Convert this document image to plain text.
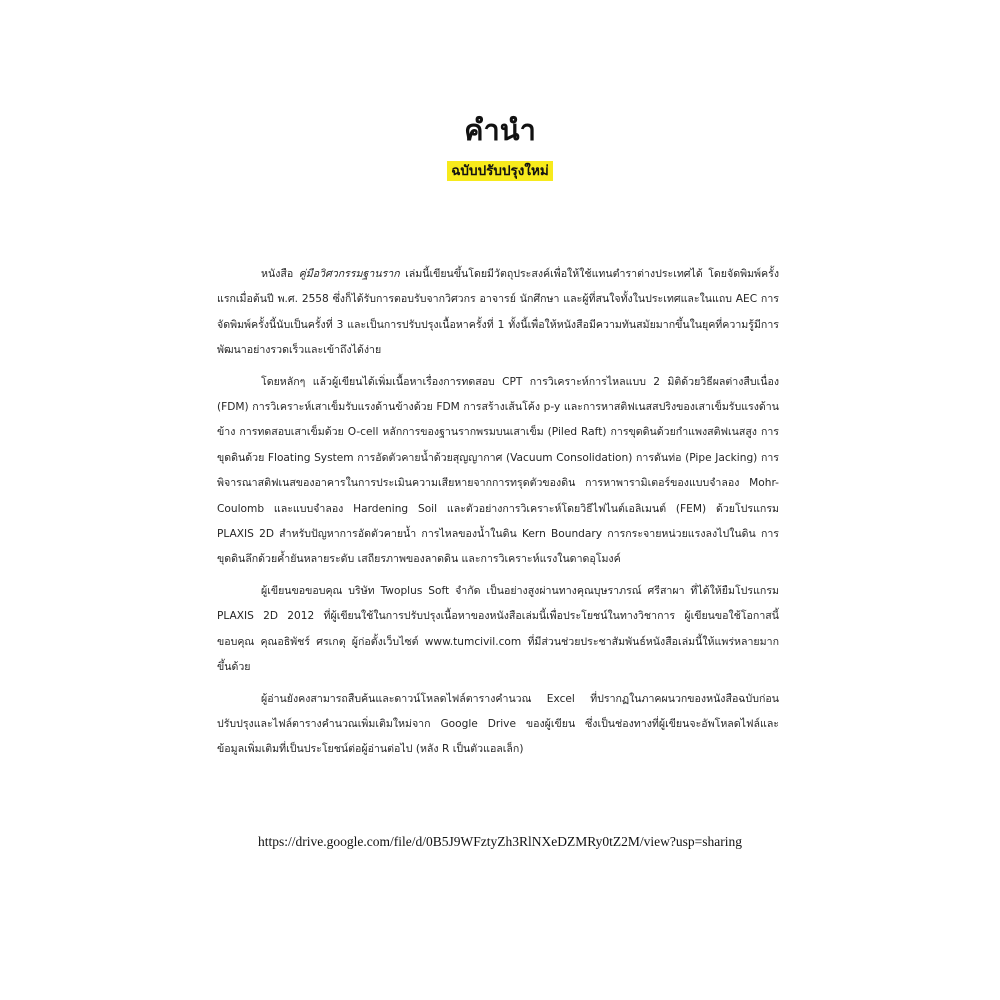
คำนำ
ฉบับปรับปรุงใหม่

หนังสือ คู่มือวิศวกรรมฐานราก เล่มนี้เขียนขึ้นโดยมีวัตถุประสงค์เพื่อให้ใช้แทนตำราต่างประเทศได้ โดยจัดพิมพ์ครั้งแรกเมื่อต้นปี พ.ศ. 2558 ซึ่งก็ได้รับการตอบรับจากวิศวกร อาจารย์ นักศึกษา และผู้ที่สนใจทั้งในประเทศและในแถบ AEC การจัดพิมพ์ครั้งนี้นับเป็นครั้งที่ 3 และเป็นการปรับปรุงเนื้อหาครั้งที่ 1 ทั้งนี้เพื่อให้หนังสือมีความทันสมัยมากขึ้นในยุคที่ความรู้มีการพัฒนาอย่างรวดเร็วและเข้าถึงได้ง่าย

โดยหลักๆ แล้วผู้เขียนได้เพิ่มเนื้อหาเรื่องการทดสอบ CPT การวิเคราะห์การไหลแบบ 2 มิติด้วยวิธีผลต่างสืบเนื่อง (FDM) การวิเคราะห์เสาเข็มรับแรงด้านข้างด้วย FDM การสร้างเส้นโค้ง p-y และการหาสติฟเนสสปริงของเสาเข็มรับแรงด้านข้าง การทดสอบเสาเข็มด้วย O-cell หลักการของฐานรากพรมบนเสาเข็ม (Piled Raft) การขุดดินด้วยกำแพงสติฟเนสสูง การขุดดินด้วย Floating System การอัดตัวคายน้ำด้วยสุญญากาศ (Vacuum Consolidation) การดันท่อ (Pipe Jacking) การพิจารณาสติฟเนสของอาคารในการประเมินความเสียหายจากการทรุดตัวของดิน การหาพารามิเตอร์ของแบบจำลอง Mohr-Coulomb และแบบจำลอง Hardening Soil และตัวอย่างการวิเคราะห์โดยวิธีไฟไนต์เอลิเมนต์ (FEM) ด้วยโปรแกรม PLAXIS 2D สำหรับปัญหาการอัดตัวคายน้ำ การไหลของน้ำในดิน Kern Boundary การกระจายหน่วยแรงลงไปในดิน การขุดดินลึกด้วยค้ำยันหลายระดับ เสถียรภาพของลาดดิน และการวิเคราะห์แรงในดาดอุโมงค์

ผู้เขียนขอขอบคุณ บริษัท Twoplus Soft จำกัด เป็นอย่างสูงผ่านทางคุณบุษราภรณ์ ศรีสาผา ที่ได้ให้ยืมโปรแกรม PLAXIS 2D 2012 ที่ผู้เขียนใช้ในการปรับปรุงเนื้อหาของหนังสือเล่มนี้เพื่อประโยชน์ในทางวิชาการ ผู้เขียนขอใช้โอกาสนี้ขอบคุณ คุณอธิพัชร์ ศรเกตุ ผู้ก่อตั้งเว็บไซต์ www.tumcivil.com ที่มีส่วนช่วยประชาสัมพันธ์หนังสือเล่มนี้ให้แพร่หลายมากขึ้นด้วย

ผู้อ่านยังคงสามารถสืบค้นและดาวน์โหลดไฟล์ตารางคำนวณ Excel ที่ปรากฏในภาคผนวกของหนังสือฉบับก่อนปรับปรุงและไฟล์ตารางคำนวณเพิ่มเติมใหม่จาก Google Drive ของผู้เขียน ซึ่งเป็นช่องทางที่ผู้เขียนจะอัพโหลดไฟล์และข้อมูลเพิ่มเติมที่เป็นประโยชน์ต่อผู้อ่านต่อไป (หลัง R เป็นตัวแอลเล็ก)

https://drive.google.com/file/d/0B5J9WFztyZh3RlNXeDZMRy0tZ2M/view?usp=sharing
